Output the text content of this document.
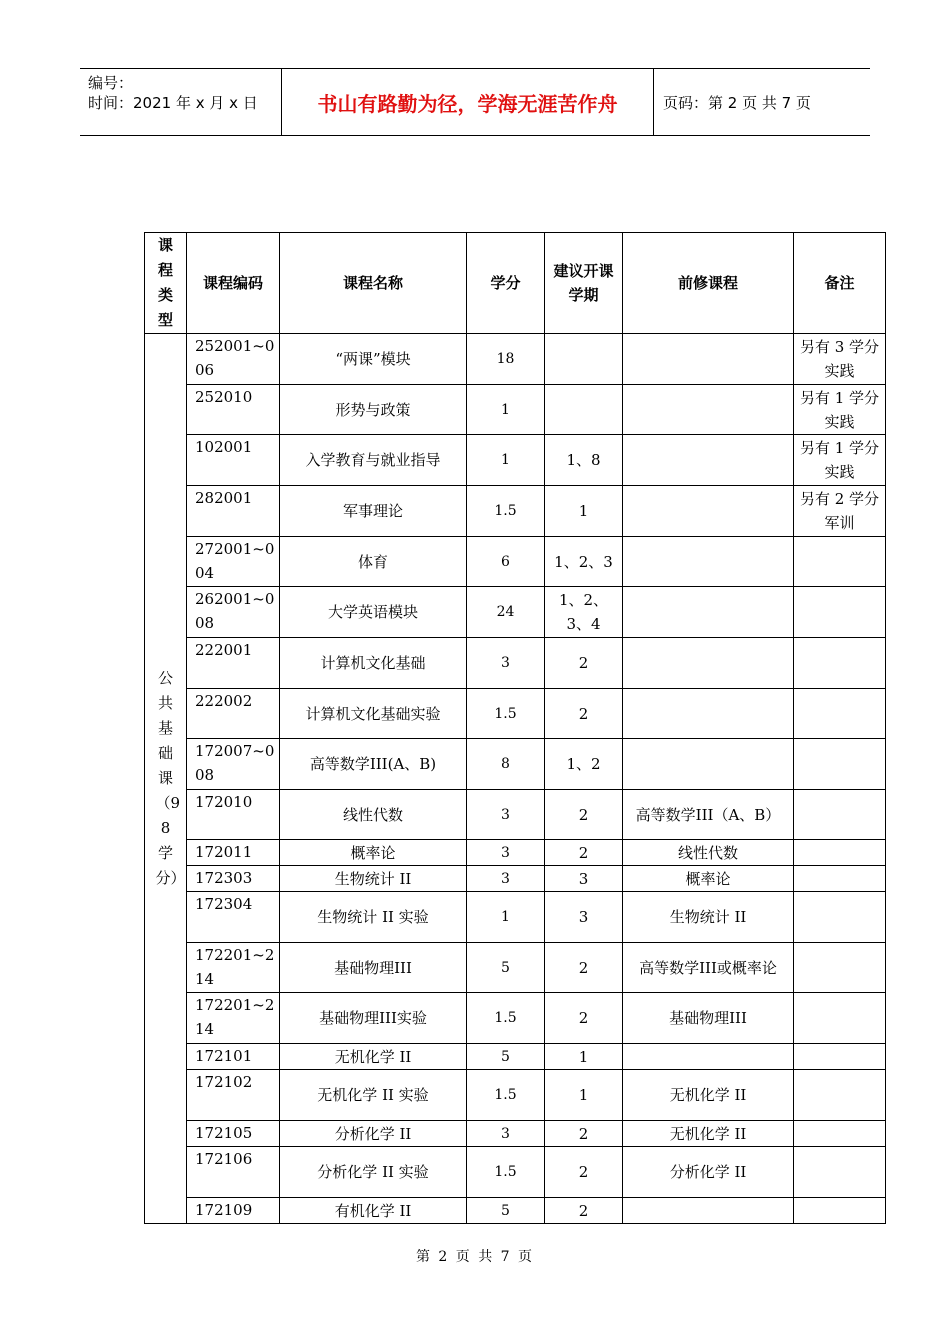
编号：
时间：2021 年 x 月 x 日	书山有路勤为径，学海无涯苦作舟	页码：第 2 页 共 7 页
课程类型	课程编码	课程名称	学分	建议开课学期	前修课程	备注
公共基础课（98学分）	252001~006	“两课”模块	18			另有 3 学分实践
	252010	形势与政策	1			另有 1 学分实践
	102001	入学教育与就业指导	1	1、8		另有 1 学分实践
	282001	军事理论	1.5	1		另有 2 学分军训
	272001~004	体育	6	1、2、3		
	262001~008	大学英语模块	24	1、2、3、4		
	222001	计算机文化基础	3	2		
	222002	计算机文化基础实验	1.5	2		
	172007~008	高等数学III(A、B)	8	1、2		
	172010	线性代数	3	2	高等数学III（A、B）	
	172011	概率论	3	2	线性代数	
	172303	生物统计 II	3	3	概率论	
	172304	生物统计 II 实验	1	3	生物统计 II	
	172201~214	基础物理III	5	2	高等数学III或概率论	
	172201~214	基础物理III实验	1.5	2	基础物理III	
	172101	无机化学 II	5	1		
	172102	无机化学 II 实验	1.5	1	无机化学 II	
	172105	分析化学 II	3	2	无机化学 II	
	172106	分析化学 II 实验	1.5	2	分析化学 II	
	172109	有机化学 II	5	2		
第 2 页 共 7 页
